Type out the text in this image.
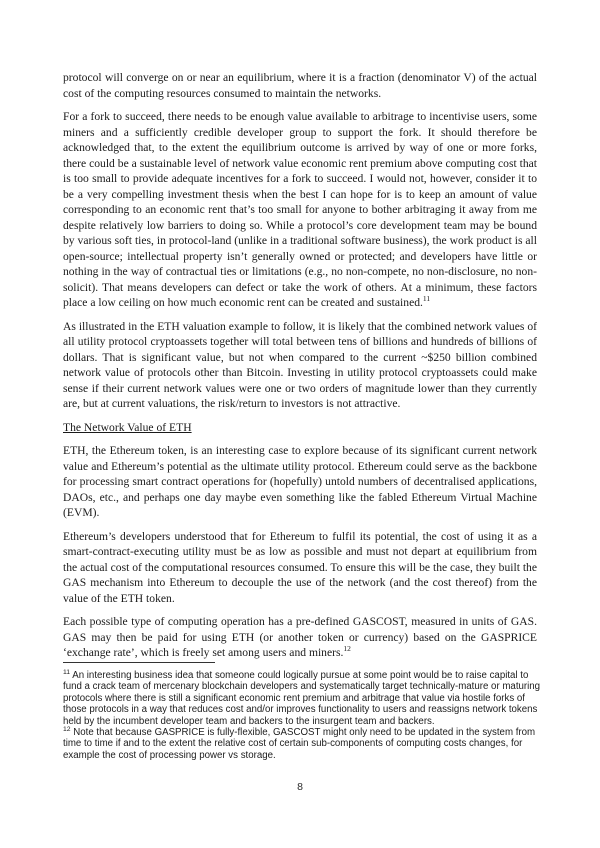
protocol will converge on or near an equilibrium, where it is a fraction (denominator V) of the actual cost of the computing resources consumed to maintain the networks.

For a fork to succeed, there needs to be enough value available to arbitrage to incentivise users, some miners and a sufficiently credible developer group to support the fork. It should therefore be acknowledged that, to the extent the equilibrium outcome is arrived by way of one or more forks, there could be a sustainable level of network value economic rent premium above computing cost that is too small to provide adequate incentives for a fork to succeed. I would not, however, consider it to be a very compelling investment thesis when the best I can hope for is to keep an amount of value corresponding to an economic rent that’s too small for anyone to bother arbitraging it away from me despite relatively low barriers to doing so. While a protocol’s core development team may be bound by various soft ties, in protocol-land (unlike in a traditional software business), the work product is all open-source; intellectual property isn’t generally owned or protected; and developers have little or nothing in the way of contractual ties or limitations (e.g., no non-compete, no non-disclosure, no non-solicit). That means developers can defect or take the work of others. At a minimum, these factors place a low ceiling on how much economic rent can be created and sustained.$^{11}$

As illustrated in the ETH valuation example to follow, it is likely that the combined network values of all utility protocol cryptoassets together will total between tens of billions and hundreds of billions of dollars. That is significant value, but not when compared to the current ~$250 billion combined network value of protocols other than Bitcoin. Investing in utility protocol cryptoassets could make sense if their current network values were one or two orders of magnitude lower than they currently are, but at current valuations, the risk/return to investors is not attractive.

The Network Value of ETH

ETH, the Ethereum token, is an interesting case to explore because of its significant current network value and Ethereum’s potential as the ultimate utility protocol. Ethereum could serve as the backbone for processing smart contract operations for (hopefully) untold numbers of decentralised applications, DAOs, etc., and perhaps one day maybe even something like the fabled Ethereum Virtual Machine (EVM).

Ethereum’s developers understood that for Ethereum to fulfil its potential, the cost of using it as a smart-contract-executing utility must be as low as possible and must not depart at equilibrium from the actual cost of the computational resources consumed. To ensure this will be the case, they built the GAS mechanism into Ethereum to decouple the use of the network (and the cost thereof) from the value of the ETH token.

Each possible type of computing operation has a pre-defined GASCOST, measured in units of GAS. GAS may then be paid for using ETH (or another token or currency) based on the GASPRICE ‘exchange rate’, which is freely set among users and miners.$^{12}$

$^{11}$ An interesting business idea that someone could logically pursue at some point would be to raise capital to fund a crack team of mercenary blockchain developers and systematically target technically-mature or maturing protocols where there is still a significant economic rent premium and arbitrage that value via hostile forks of those protocols in a way that reduces cost and/or improves functionality to users and reassigns network tokens held by the incumbent developer team and backers to the insurgent team and backers.

$^{12}$ Note that because GASPRICE is fully-flexible, GASCOST might only need to be updated in the system from time to time if and to the extent the relative cost of certain sub-components of computing costs changes, for example the cost of processing power vs storage.

8
